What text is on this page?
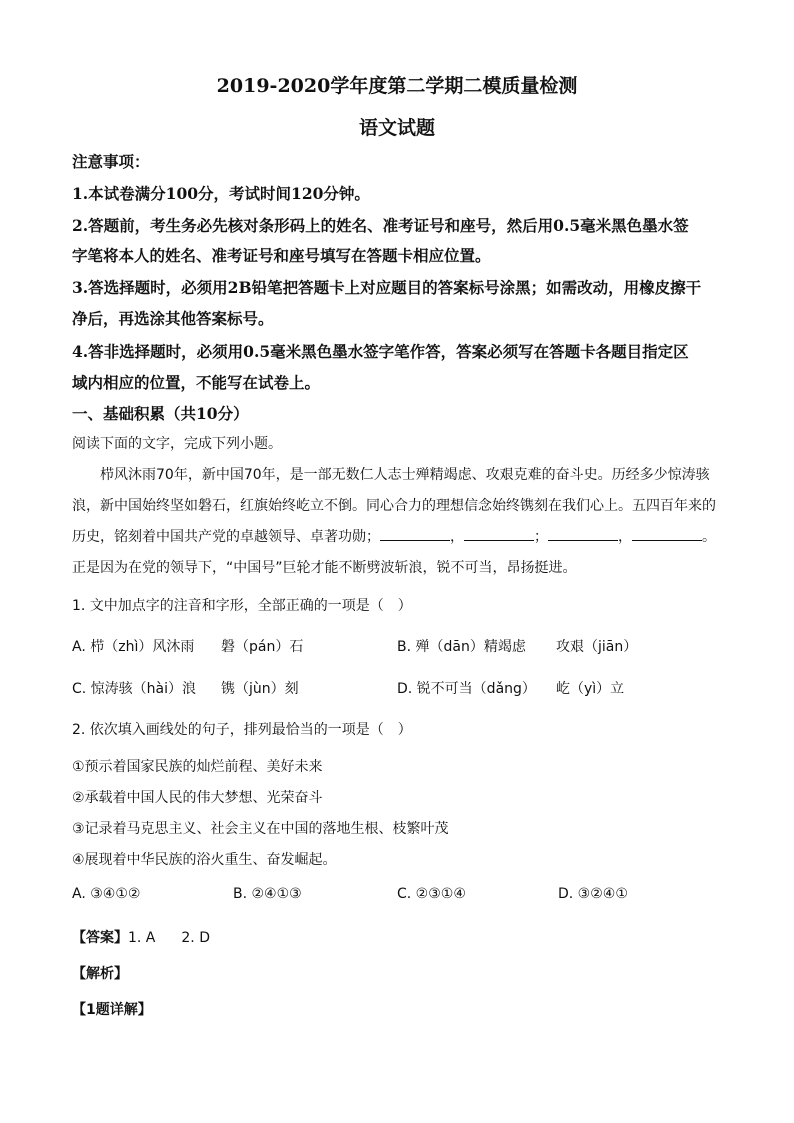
2019-2020学年度第二学期二模质量检测
语文试题
注意事项：
1.本试卷满分100分，考试时间120分钟。
2.答题前，考生务必先核对条形码上的姓名、准考证号和座号，然后用0.5毫米黑色墨水签
字笔将本人的姓名、准考证号和座号填写在答题卡相应位置。
3.答选择题时，必须用2B铅笔把答题卡上对应题目的答案标号涂黑；如需改动，用橡皮擦干
净后，再选涂其他答案标号。
4.答非选择题时，必须用0.5毫米黑色墨水签字笔作答，答案必须写在答题卡各题目指定区
域内相应的位置，不能写在试卷上。
一、基础积累（共10分）
阅读下面的文字，完成下列小题。
栉风沐雨70年，新中国70年，是一部无数仁人志士殚精竭虑、攻艰克难的奋斗史。历经多少惊涛骇
浪，新中国始终坚如磐石，红旗始终屹立不倒。同心合力的理想信念始终镌刻在我们心上。五四百年来的
历史，铭刻着中国共产党的卓越领导、卓著功勋；	，	；	，	。
正是因为在党的领导下，“中国号”巨轮才能不断劈波斩浪，锐不可当，昂扬挺进。
1. 文中加点字的注音和字形，全部正确的一项是（　）
A. 栉（zhì）风沐雨 磐（pán）石	B. 殚（dān）精竭虑 攻艰（jiān）
C. 惊涛骇（hài）浪 镌（jùn）刻	D. 锐不可当（dǎng） 屹（yì）立
2. 依次填入画线处的句子，排列最恰当的一项是（　）
①预示着国家民族的灿烂前程、美好未来
②承载着中国人民的伟大梦想、光荣奋斗
③记录着马克思主义、社会主义在中国的落地生根、枝繁叶茂
④展现着中华民族的浴火重生、奋发崛起。
A. ③④①②	B. ②④①③	C. ②③①④	D. ③②④①
【答案】1. A 2. D
【解析】
【1题详解】
